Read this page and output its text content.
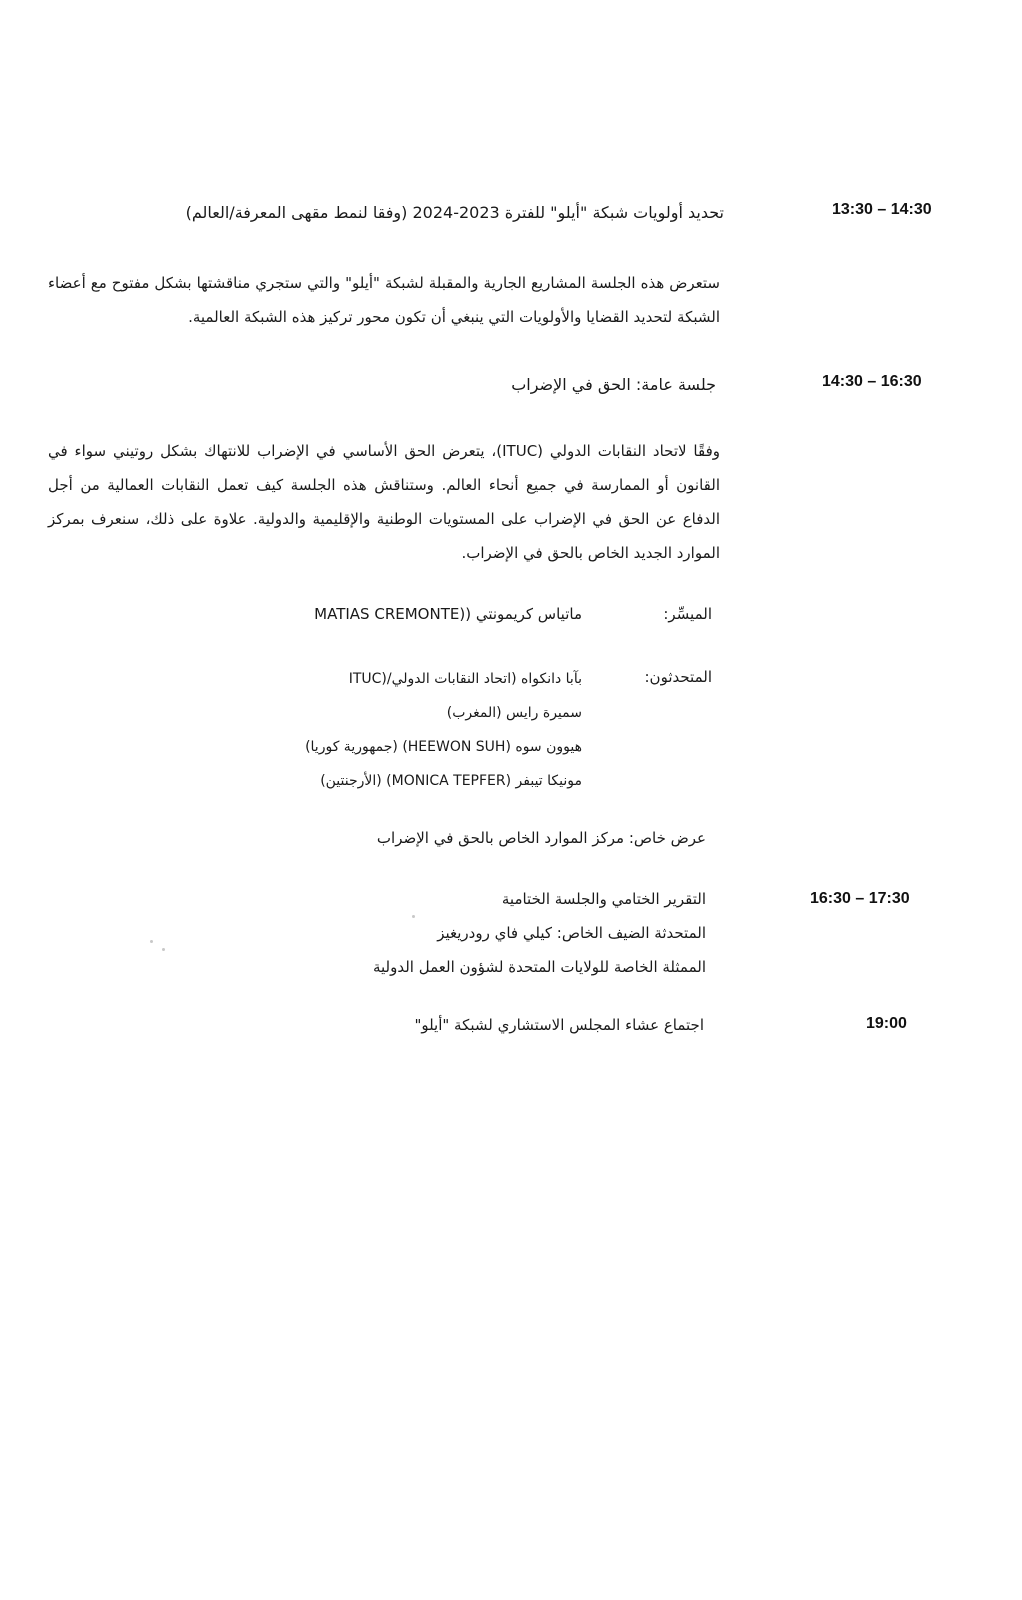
13:30 – 14:30
تحديد أولويات شبكة "أيلو" للفترة 2023-2024 (وفقا لنمط مقهى المعرفة/العالم)
ستعرض هذه الجلسة المشاريع الجارية والمقبلة لشبكة "أيلو" والتي ستجري مناقشتها بشكل مفتوح مع أعضاء الشبكة لتحديد القضايا والأولويات التي ينبغي أن تكون محور تركيز هذه الشبكة العالمية.
14:30 – 16:30
جلسة عامة: الحق في الإضراب
وفقًا لاتحاد النقابات الدولي (ITUC)، يتعرض الحق الأساسي في الإضراب للانتهاك بشكل روتيني سواء في القانون أو الممارسة في جميع أنحاء العالم. وستناقش هذه الجلسة كيف تعمل النقابات العمالية من أجل الدفاع عن الحق في الإضراب على المستويات الوطنية والإقليمية والدولية. علاوة على ذلك، سنعرف بمركز الموارد الجديد الخاص بالحق في الإضراب.
الميسِّر:
ماتياس كريمونتي ((MATIAS CREMONTE
المتحدثون:
بآبا دانكواه (اتحاد النقابات الدولي/(ITUC
سميرة رايس (المغرب)
هيوون سوه (HEEWON SUH) (جمهورية كوريا)
مونيكا تيبفر (MONICA TEPFER) (الأرجنتين)
عرض خاص: مركز الموارد الخاص بالحق في الإضراب
16:30 – 17:30
التقرير الختامي والجلسة الختامية
المتحدثة الضيف الخاص: كيلي فاي رودريغيز
الممثلة الخاصة للولايات المتحدة لشؤون العمل الدولية
19:00
اجتماع عشاء المجلس الاستشاري لشبكة "أيلو"
